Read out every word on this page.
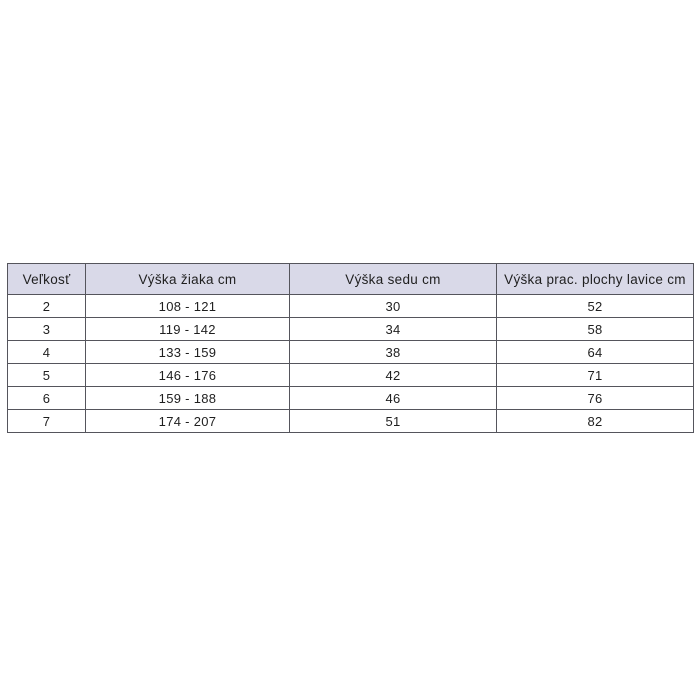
Veľkosť	Výška žiaka cm	Výška sedu cm	Výška prac. plochy lavice cm
2	108 - 121	30	52
3	119 - 142	34	58
4	133 - 159	38	64
5	146 - 176	42	71
6	159 - 188	46	76
7	174 - 207	51	82
